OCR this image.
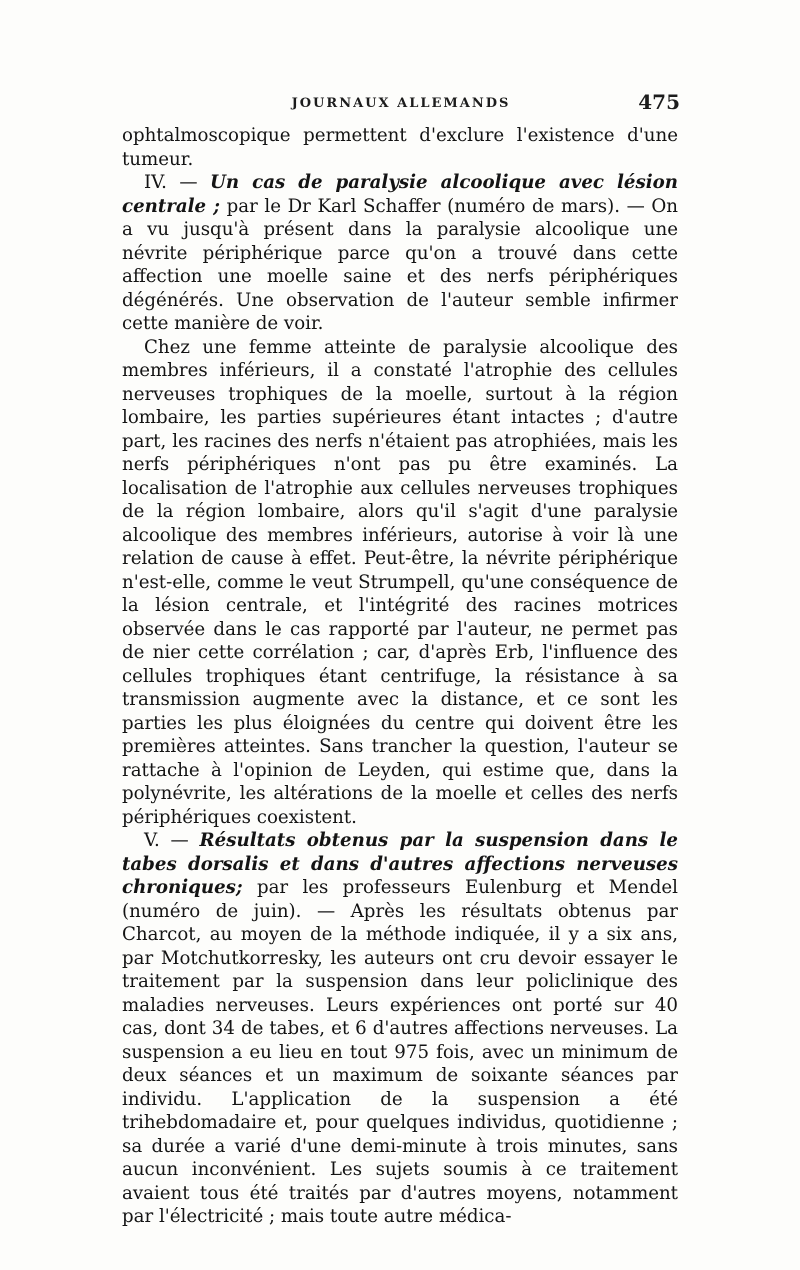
JOURNAUX ALLEMANDS	475

ophtalmoscopique permettent d'exclure l'existence d'une tumeur.

IV. — Un cas de paralysie alcoolique avec lésion centrale ; par le Dr Karl Schaffer (numéro de mars). — On a vu jusqu'à présent dans la paralysie alcoolique une névrite périphérique parce qu'on a trouvé dans cette affection une moelle saine et des nerfs périphériques dégénérés. Une observation de l'auteur semble infirmer cette manière de voir.

Chez une femme atteinte de paralysie alcoolique des membres inférieurs, il a constaté l'atrophie des cellules nerveuses trophiques de la moelle, surtout à la région lombaire, les parties supérieures étant intactes ; d'autre part, les racines des nerfs n'étaient pas atrophiées, mais les nerfs périphériques n'ont pas pu être examinés. La localisation de l'atrophie aux cellules nerveuses trophiques de la région lombaire, alors qu'il s'agit d'une paralysie alcoolique des membres inférieurs, autorise à voir là une relation de cause à effet. Peut-être, la névrite périphérique n'est-elle, comme le veut Strumpell, qu'une conséquence de la lésion centrale, et l'intégrité des racines motrices observée dans le cas rapporté par l'auteur, ne permet pas de nier cette corrélation ; car, d'après Erb, l'influence des cellules trophiques étant centrifuge, la résistance à sa transmission augmente avec la distance, et ce sont les parties les plus éloignées du centre qui doivent être les premières atteintes. Sans trancher la question, l'auteur se rattache à l'opinion de Leyden, qui estime que, dans la polynévrite, les altérations de la moelle et celles des nerfs périphériques coexistent.

V. — Résultats obtenus par la suspension dans le tabes dorsalis et dans d'autres affections nerveuses chroniques; par les professeurs Eulenburg et Mendel (numéro de juin). — Après les résultats obtenus par Charcot, au moyen de la méthode indiquée, il y a six ans, par Motchutkorresky, les auteurs ont cru devoir essayer le traitement par la suspension dans leur policlinique des maladies nerveuses. Leurs expériences ont porté sur 40 cas, dont 34 de tabes, et 6 d'autres affections nerveuses. La suspension a eu lieu en tout 975 fois, avec un minimum de deux séances et un maximum de soixante séances par individu. L'application de la suspension a été trihebdomadaire et, pour quelques individus, quotidienne ; sa durée a varié d'une demi-minute à trois minutes, sans aucun inconvénient. Les sujets soumis à ce traitement avaient tous été traités par d'autres moyens, notamment par l'électricité ; mais toute autre médica-
